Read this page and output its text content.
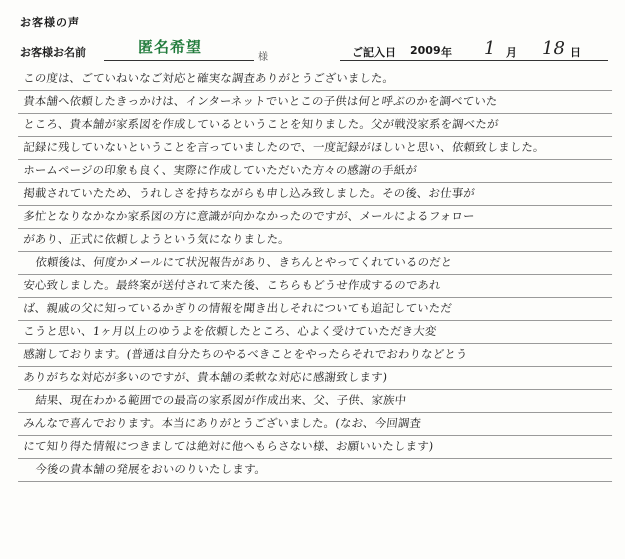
お客様の声
お客様お名前	匿名希望
様	ご記入日 2009 年 1 月 18 日
この度は、ごていねいなご対応と確実な調査ありがとうございました。
貴本舗へ依頼したきっかけは、インターネットでいとこの子供は何と呼ぶのかを調べていた
ところ、貴本舗が家系図を作成しているということを知りました。父が戦没家系を調べたが
記録に残していないということを言っていましたので、一度記録がほしいと思い、依頼致しました。
ホームページの印象も良く、実際に作成していただいた方々の感謝の手紙が
掲載されていたため、うれしさを持ちながらも申し込み致しました。その後、お仕事が
多忙となりなかなか家系図の方に意識が向かなかったのですが、メールによるフォロー
があり、正式に依頼しようという気になりました。
依頼後は、何度かメールにて状況報告があり、きちんとやってくれているのだと
安心致しました。最終案が送付されて来た後、こちらもどうせ作成するのであれ
ば、親戚の父に知っているかぎりの情報を聞き出しそれについても追記していただ
こうと思い、1ヶ月以上のゆうよを依頼したところ、心よく受けていただき大変
感謝しております。(普通は自分たちのやるべきことをやったらそれでおわりなどとう
ありがちな対応が多いのですが、貴本舗の柔軟な対応に感謝致します)
結果、現在わかる範囲での最高の家系図が作成出来、父、子供、家族中
みんなで喜んでおります。本当にありがとうございました。(なお、今回調査
にて知り得た情報につきましては絶対に他へもらさない様、お願いいたします)
今後の貴本舗の発展をおいのりいたします。
